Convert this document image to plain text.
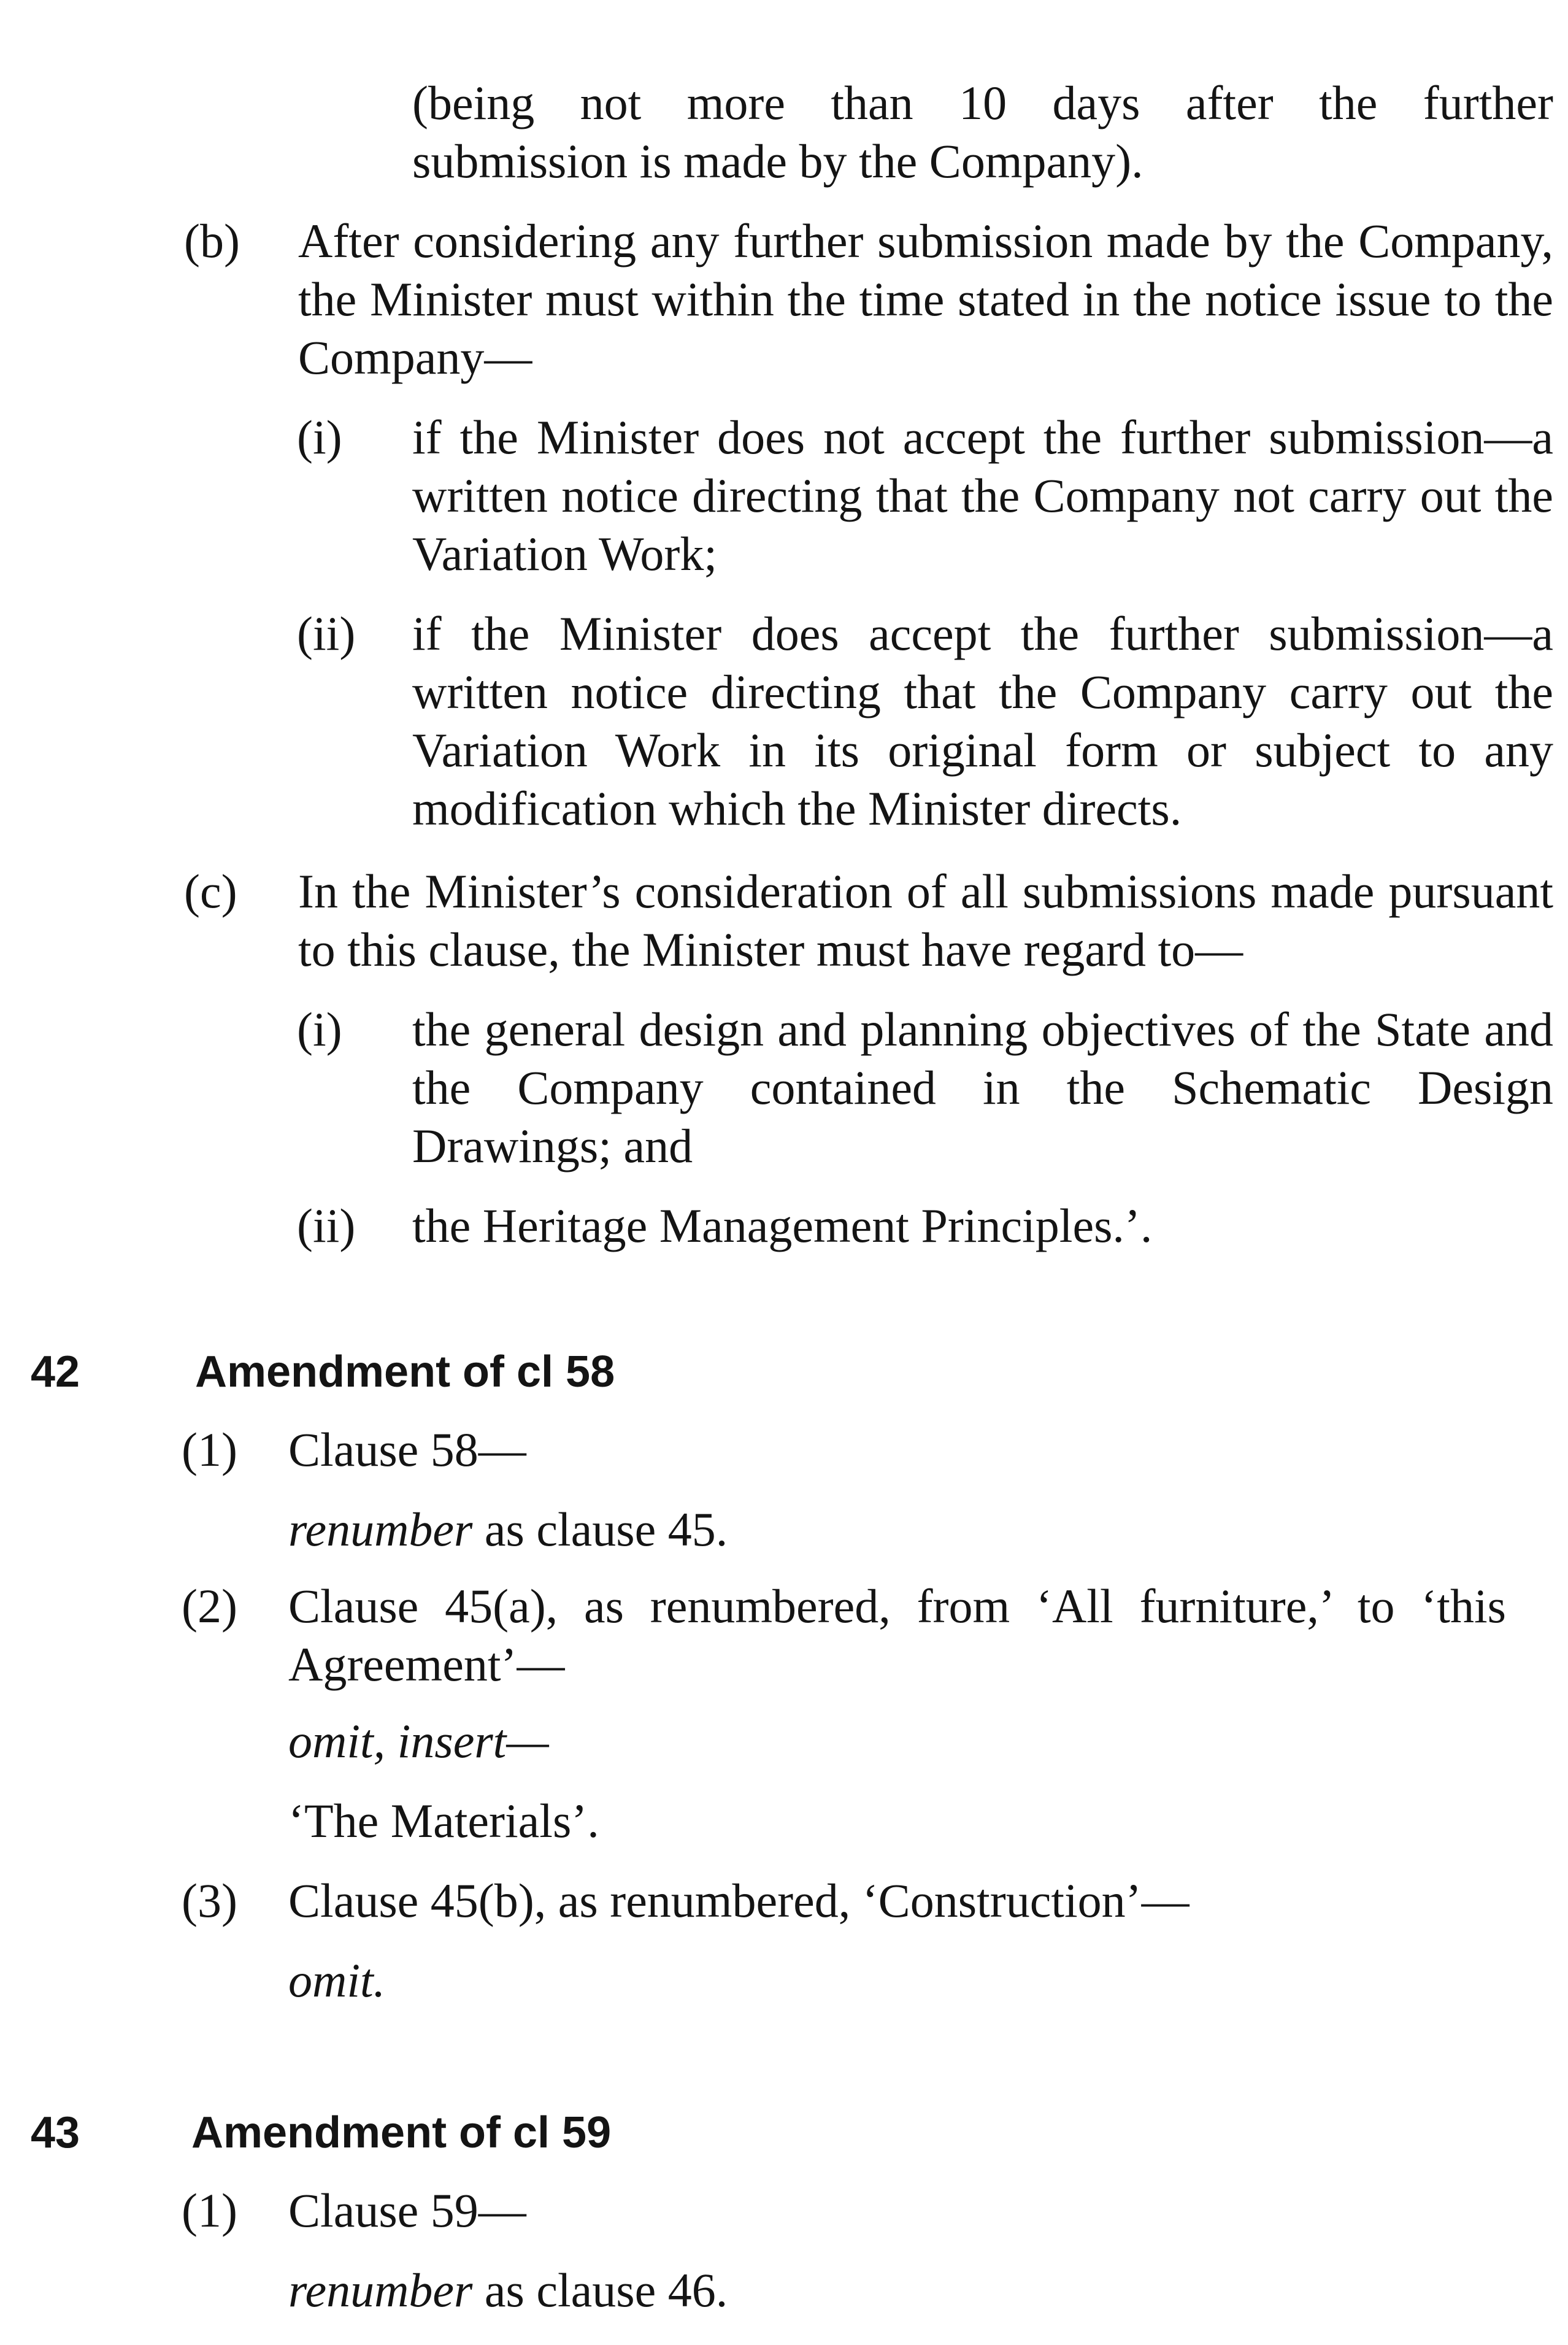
(being not more than 10 days after the further
submission is made by the Company).
(b) After considering any further submission made by the Company, the Minister must within the time stated in the notice issue to the Company—
(i) if the Minister does not accept the further submission—a written notice directing that the Company not carry out the Variation Work;
(ii) if the Minister does accept the further submission—a written notice directing that the Company carry out the Variation Work in its original form or subject to any modification which the Minister directs.
(c) In the Minister’s consideration of all submissions made pursuant to this clause, the Minister must have regard to—
(i) the general design and planning objectives of the State and the Company contained in the Schematic Design Drawings; and
(ii) the Heritage Management Principles.’.
42	Amendment of cl 58
(1) Clause 58—
renumber as clause 45.
(2) Clause 45(a), as renumbered, from ‘All furniture,’ to ‘this Agreement’—
omit, insert—
‘The Materials’.
(3) Clause 45(b), as renumbered, ‘Construction’—
omit.
43	Amendment of cl 59
(1) Clause 59—
renumber as clause 46.
